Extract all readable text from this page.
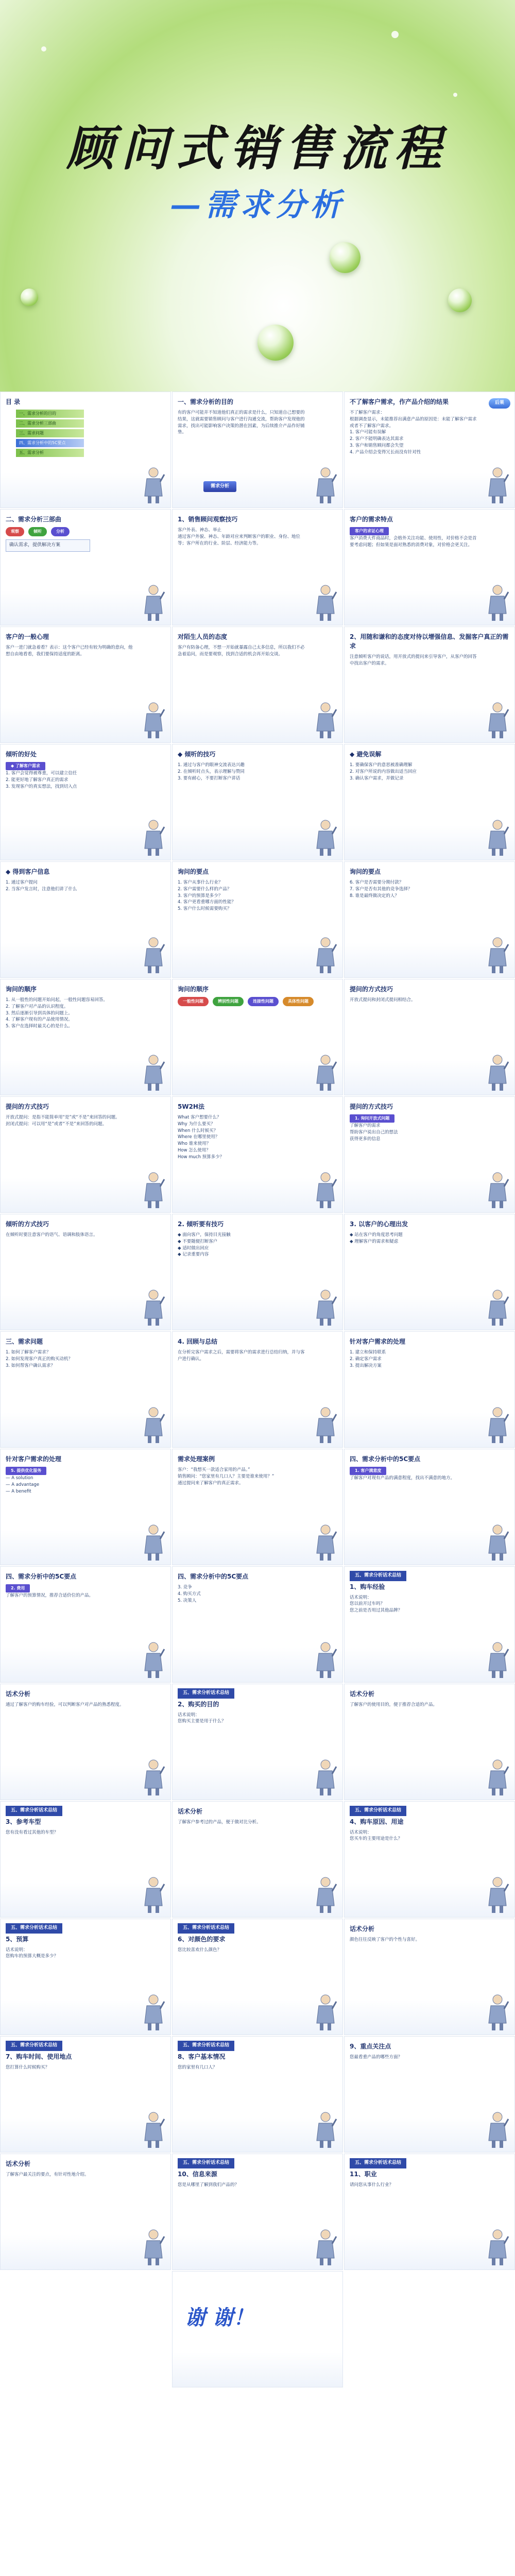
顾问式销售流程
—需求分析
目 录
一、需求分析的目的
二、需求分析三部曲
三、需求问题
四、需求分析中的5C要点
五、需求分析
一、需求分析的目的
有的客户可能并不知道他们真正的需求是什么，只知道自己想要的结果，这就需要销售顾问与客户进行沟通交流，帮助客户发现他的需求，找出可能影响客户决策的潜在因素，为后续推介产品作好铺垫。
需求分析
不了解客户需求，作产品介绍的结果
不了解客户需求：
根据调查显示，未能推荐出满意产品的原因是：未能了解客户需求或者不了解客户需求。
1. 客户可能有误解
2. 客户不能明确表达其需求
3. 客户和销售顾问都会失望
4. 产品介绍会变得冗长而没有针对性
后果
二、需求分析三部曲
观察	倾听	分析
确认需求，提供解决方案
1、销售顾问观察技巧
客户外表、神态、举止
通过客户外貌、神态、年龄对应来判断客户的职业、身份、地位等；客户所在的行业、阶层、经济能力等。
客户的需求特点
客户的求证心理
客户消费大件商品时，会格外关注功能、使用性，对价格不会是首要考虑问题；但如果是面对熟悉的消费对象，对价格会更关注。
客户的一般心理
客户一进门就急着看？表示：这个客户已经有较为明确的意向，他想自由地看看，我们要保持适度的距离。
对陌生人员的态度
客户有防备心理，不想一开始就暴露自己太多信息，所以我们不必急着追问，而是要观察，找到合适的机会再开始交谈。
2、用随和谦和的态度对待以增强信息、发掘客户真正的需求
注意倾听客户的说话，用开放式的提问来引导客户，从客户的回答中找出客户的需求。
倾听的好处
◆ 了解客户需求
1. 客户会觉得被尊重，可以建立信任
2. 能更好地了解客户真正的需求
3. 发现客户的真实想法，找到切入点
◆ 倾听的技巧
1. 通过与客户的眼神交流表达兴趣
2. 在倾听时点头，表示理解与赞同
3. 要有耐心，不要打断客户讲话
◆ 避免误解
1. 要确保客户的意思被准确理解
2. 对客户所说的内容做出适当回应
3. 确认客户需求，并做记录
◆ 得到客户信息
1. 通过客户提问
2. 当客户发言时，注意他们讲了什么
询问的要点
1. 客户从事什么行业？
2. 客户需要什么样的产品？
3. 客户的预算是多少？
4. 客户更看重哪方面的性能？
5. 客户什么时候需要购买？
询问的要点
6. 客户是否需要分期付款？
7. 客户是否有其他的竞争选择？
8. 谁是最终做决定的人？
询问的顺序
1. 从一般性的问题开始问起，一般性问题容易回答。
2. 了解客户对产品的认识程度。
3. 然后逐渐引导到具体的问题上。
4. 了解客户现有的产品使用情况。
5. 客户在选择时最关心的是什么。
询问的顺序
一般性问题	辨别性问题	连接性问题	具体性问题
提问的方式技巧
开放式提问和封闭式提问相结合。
提问的方式技巧
开放式提问：是指不能简单用“是”或“不是”来回答的问题。
封闭式提问：可以用“是”或者“不是”来回答的问题。
5W2H法
What 客户想要什么？
Why 为什么要买？
When 什么时候买？
Where 在哪里使用？
Who 谁来使用？
How 怎么使用？
How much 预算多少？
提问的方式技巧
1. 询问开放式问题
了解客户的需求
帮助客户说出自己的想法
获得更多的信息
倾听的方式技巧
在倾听时要注意客户的语气、语调和肢体语言。
2. 倾听要有技巧
◆ 面向客户，保持目光接触
◆ 不要随便打断客户
◆ 适时做出回应
◆ 记录重要内容
3. 以客户的心理出发
◆ 站在客户的角度思考问题
◆ 理解客户的需求和疑虑
三、需求问题
1. 如何了解客户需求？
2. 如何发现客户真正的购买动机？
3. 如何帮客户确认需求？
4. 回顾与总结
在分析完客户需求之后，需要将客户的需求进行总结归纳，并与客户进行确认。
针对客户需求的处理
1. 建立和保持联系
2. 确定客户需求
3. 提出解决方案
针对客户需求的处理
5. 提供优化服务
— A solution
— A advantage
— A benefit
需求处理案例
客户：“我想买一款适合家用的产品。”
销售顾问：“您家里有几口人？主要是谁来使用？”
通过提问来了解客户的真正需求。
四、需求分析中的5C要点
1. 客户满意度
了解客户对现有产品的满意程度，找出不满意的地方。
四、需求分析中的5C要点
2. 费用
了解客户的预算情况，推荐合适价位的产品。
四、需求分析中的5C要点
3. 竞争
4. 购买方式
5. 决策人
五、需求分析话术总结
1、购车经验
话术说明：
您以前开过车吗？
您之前是否用过其他品牌？
话术分析
通过了解客户的购车经验，可以判断客户对产品的熟悉程度。
五、需求分析话术总结
2、购买的目的
话术说明：
您购买主要是用于什么？
话术分析
了解客户的使用目的，便于推荐合适的产品。
五、需求分析话术总结
3、参考车型
您有没有看过其他的车型？
话术分析
了解客户参考过的产品，便于做对比分析。
五、需求分析话术总结
4、购车原因、用途
话术说明：
您买车的主要用途是什么？
五、需求分析话术总结
5、预算
话术说明：
您购车的预算大概是多少？
五、需求分析话术总结
6、对颜色的要求
您比较喜欢什么颜色？
话术分析
颜色往往反映了客户的个性与喜好。
五、需求分析话术总结
7、购车时间、使用地点
您打算什么时候购买？
五、需求分析话术总结
8、客户基本情况
您的家里有几口人？
9、重点关注点
您最看重产品的哪些方面？
话术分析
了解客户最关注的要点，有针对性地介绍。
五、需求分析话术总结
10、信息来源
您是从哪里了解到我们产品的？
五、需求分析话术总结
11、职业
请问您从事什么行业？
谢 谢！
